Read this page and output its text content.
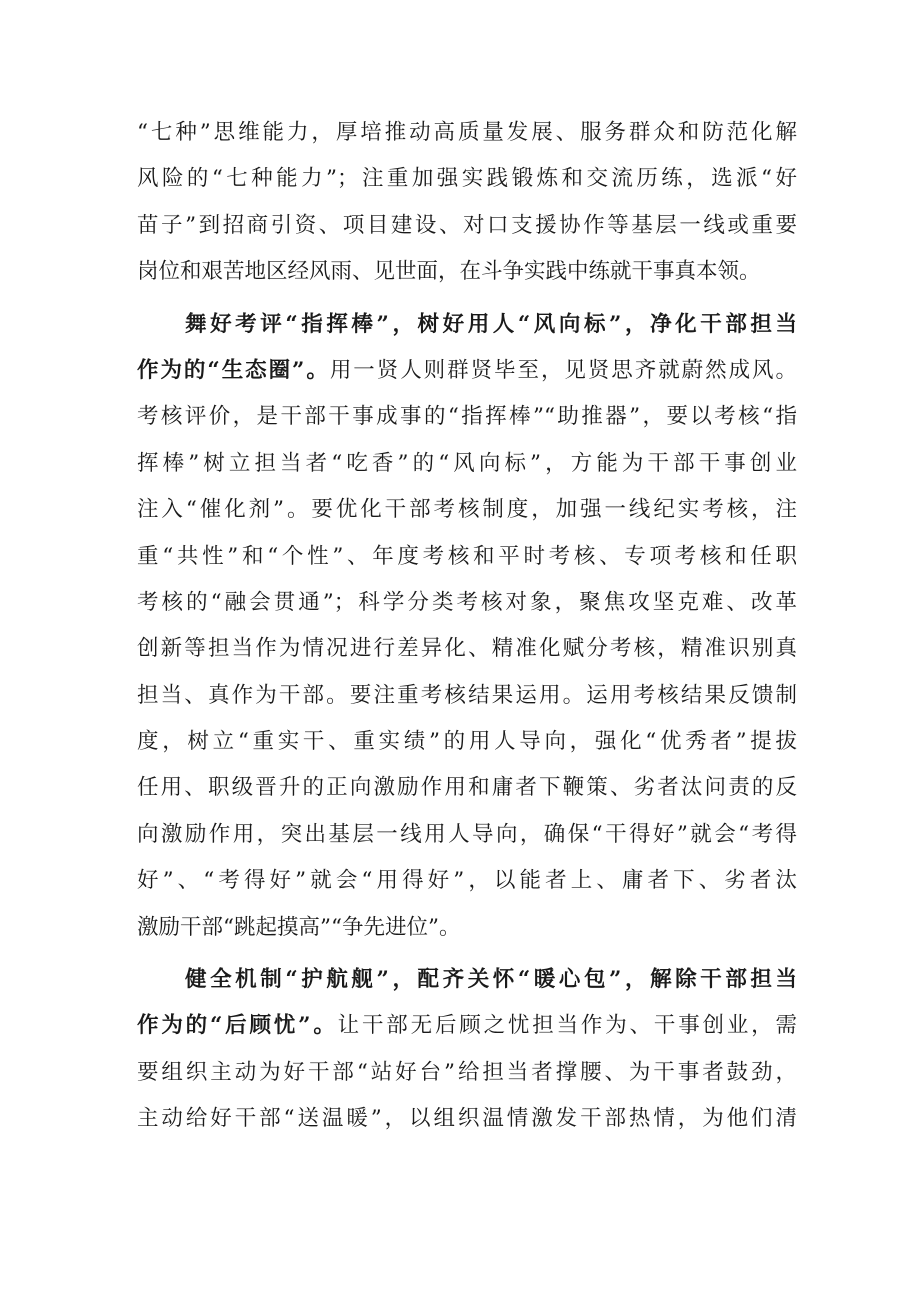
“七种”思维能力，厚培推动高质量发展、服务群众和防范化解
风险的“七种能力”；注重加强实践锻炼和交流历练，选派“好
苗子”到招商引资、项目建设、对口支援协作等基层一线或重要
岗位和艰苦地区经风雨、见世面，在斗争实践中练就干事真本领。
舞好考评“指挥棒”，树好用人“风向标”，净化干部担当
作为的“生态圈”。用一贤人则群贤毕至，见贤思齐就蔚然成风。
考核评价，是干部干事成事的“指挥棒”“助推器”，要以考核“指
挥棒”树立担当者“吃香”的“风向标”，方能为干部干事创业
注入“催化剂”。要优化干部考核制度，加强一线纪实考核，注
重“共性”和“个性”、年度考核和平时考核、专项考核和任职
考核的“融会贯通”；科学分类考核对象，聚焦攻坚克难、改革
创新等担当作为情况进行差异化、精准化赋分考核，精准识别真
担当、真作为干部。要注重考核结果运用。运用考核结果反馈制
度，树立“重实干、重实绩”的用人导向，强化“优秀者”提拔
任用、职级晋升的正向激励作用和庸者下鞭策、劣者汰问责的反
向激励作用，突出基层一线用人导向，确保“干得好”就会“考得
好”、“考得好”就会“用得好”，以能者上、庸者下、劣者汰
激励干部“跳起摸高”“争先进位”。
健全机制“护航舰”，配齐关怀“暖心包”，解除干部担当
作为的“后顾忧”。让干部无后顾之忧担当作为、干事创业，需
要组织主动为好干部“站好台”给担当者撑腰、为干事者鼓劲，
主动给好干部“送温暖”，以组织温情激发干部热情，为他们清
